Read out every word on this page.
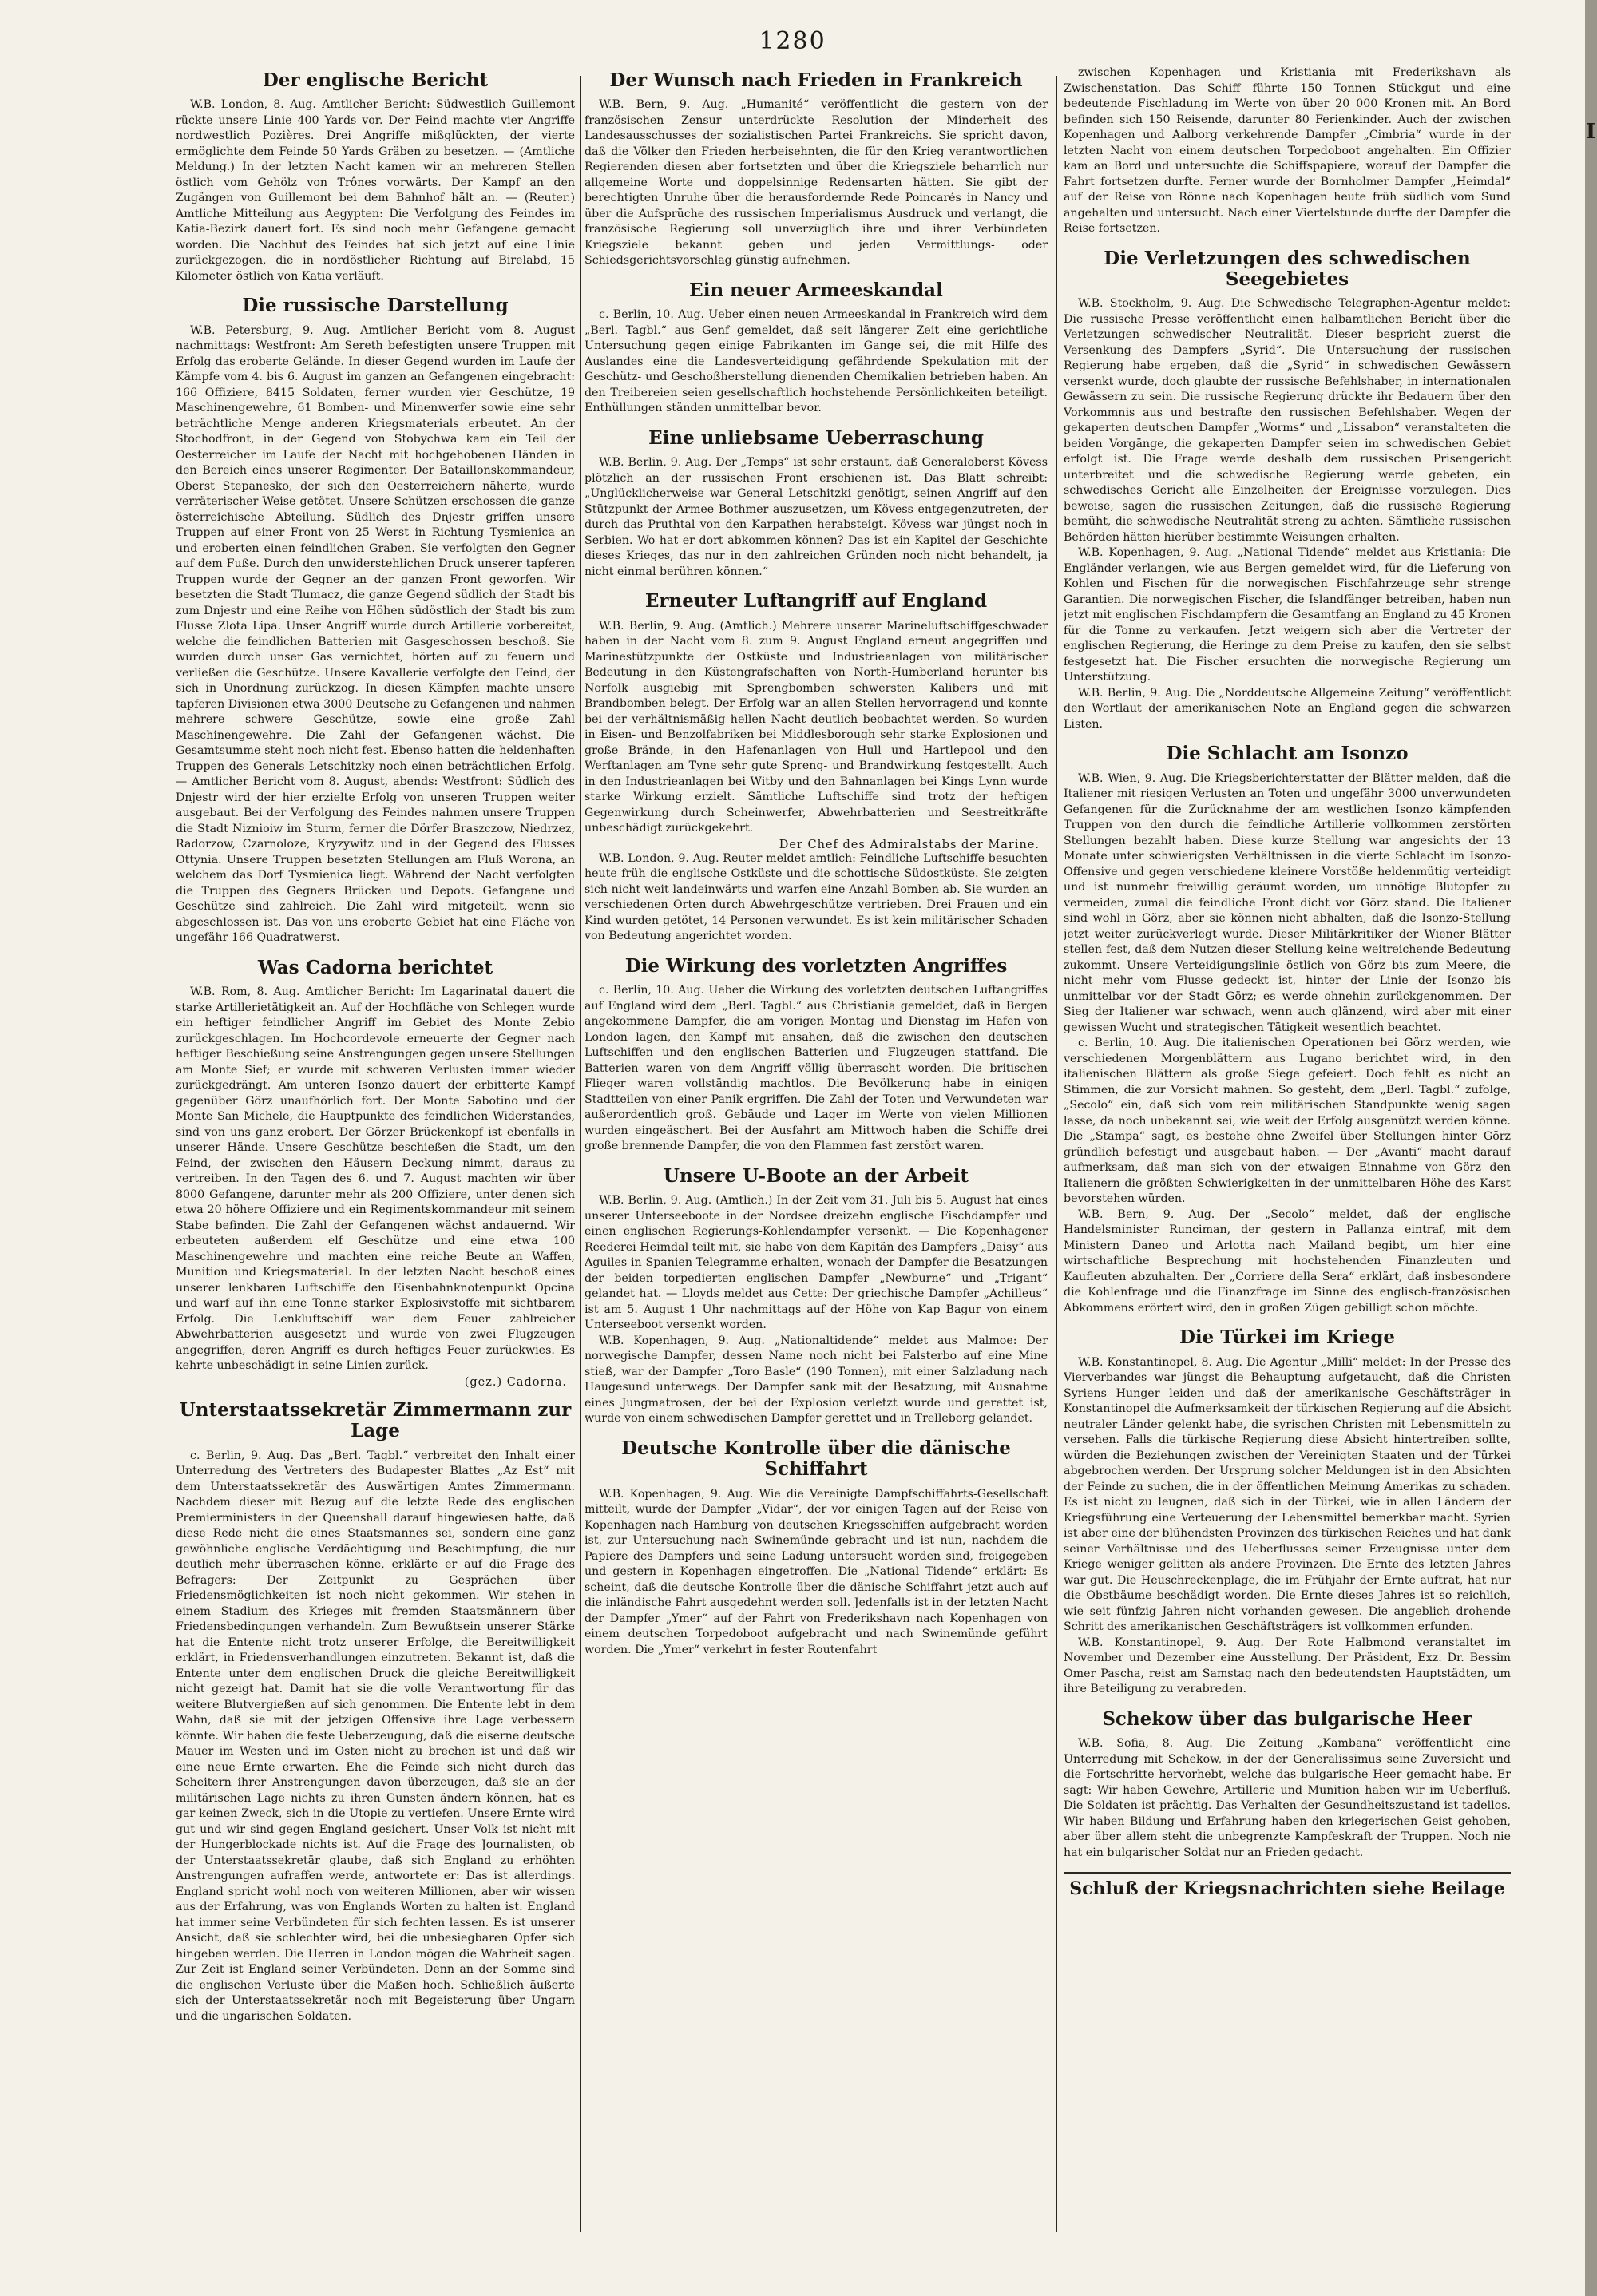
1280
Der englische Bericht

W.B. London, 8. Aug. Amtlicher Bericht: Südwestlich Guillemont rückte unsere Linie 400 Yards vor. Der Feind machte vier Angriffe nordwestlich Pozières. Drei Angriffe mißglückten, der vierte ermöglichte dem Feinde 50 Yards Gräben zu besetzen. — (Amtliche Meldung.) In der letzten Nacht kamen wir an mehreren Stellen östlich vom Gehölz von Trônes vorwärts. Der Kampf an den Zugängen von Guillemont bei dem Bahnhof hält an. — (Reuter.) Amtliche Mitteilung aus Aegypten: Die Verfolgung des Feindes im Katia-Bezirk dauert fort. Es sind noch mehr Gefangene gemacht worden. Die Nachhut des Feindes hat sich jetzt auf eine Linie zurückgezogen, die in nordöstlicher Richtung auf Birelabd, 15 Kilometer östlich von Katia verläuft.

Die russische Darstellung

W.B. Petersburg, 9. Aug. Amtlicher Bericht vom 8. August nachmittags: Westfront: Am Sereth befestigten unsere Truppen mit Erfolg das eroberte Gelände. In dieser Gegend wurden im Laufe der Kämpfe vom 4. bis 6. August im ganzen an Gefangenen eingebracht: 166 Offiziere, 8415 Soldaten, ferner wurden vier Geschütze, 19 Maschinengewehre, 61 Bomben- und Minenwerfer sowie eine sehr beträchtliche Menge anderen Kriegsmaterials erbeutet. An der Stochodfront, in der Gegend von Stobychwa kam ein Teil der Oesterreicher im Laufe der Nacht mit hochgehobenen Händen in den Bereich eines unserer Regimenter. Der Bataillonskommandeur, Oberst Stepanesko, der sich den Oesterreichern näherte, wurde verräterischer Weise getötet. Unsere Schützen erschossen die ganze österreichische Abteilung. Südlich des Dnjestr griffen unsere Truppen auf einer Front von 25 Werst in Richtung Tysmienica an und eroberten einen feindlichen Graben. Sie verfolgten den Gegner auf dem Fuße. Durch den unwiderstehlichen Druck unserer tapferen Truppen wurde der Gegner an der ganzen Front geworfen. Wir besetzten die Stadt Tlumacz, die ganze Gegend südlich der Stadt bis zum Dnjestr und eine Reihe von Höhen südöstlich der Stadt bis zum Flusse Zlota Lipa. Unser Angriff wurde durch Artillerie vorbereitet, welche die feindlichen Batterien mit Gasgeschossen beschoß. Sie wurden durch unser Gas vernichtet, hörten auf zu feuern und verließen die Geschütze. Unsere Kavallerie verfolgte den Feind, der sich in Unordnung zurückzog. In diesen Kämpfen machte unsere tapferen Divisionen etwa 3000 Deutsche zu Gefangenen und nahmen mehrere schwere Geschütze, sowie eine große Zahl Maschinengewehre. Die Zahl der Gefangenen wächst. Die Gesamtsumme steht noch nicht fest. Ebenso hatten die heldenhaften Truppen des Generals Letschitzky noch einen beträchtlichen Erfolg. — Amtlicher Bericht vom 8. August, abends: Westfront: Südlich des Dnjestr wird der hier erzielte Erfolg von unseren Truppen weiter ausgebaut. Bei der Verfolgung des Feindes nahmen unsere Truppen die Stadt Niznioiw im Sturm, ferner die Dörfer Braszczow, Niedrzez, Radorzow, Czarnoloze, Kryzywitz und in der Gegend des Flusses Ottynia. Unsere Truppen besetzten Stellungen am Fluß Worona, an welchem das Dorf Tysmienica liegt. Während der Nacht verfolgten die Truppen des Gegners Brücken und Depots. Gefangene und Geschütze sind zahlreich. Die Zahl wird mitgeteilt, wenn sie abgeschlossen ist. Das von uns eroberte Gebiet hat eine Fläche von ungefähr 166 Quadratwerst.

Was Cadorna berichtet

W.B. Rom, 8. Aug. Amtlicher Bericht: Im Lagarinatal dauert die starke Artillerietätigkeit an. Auf der Hochfläche von Schlegen wurde ein heftiger feindlicher Angriff im Gebiet des Monte Zebio zurückgeschlagen. Im Hochcordevole erneuerte der Gegner nach heftiger Beschießung seine Anstrengungen gegen unsere Stellungen am Monte Sief; er wurde mit schweren Verlusten immer wieder zurückgedrängt. Am unteren Isonzo dauert der erbitterte Kampf gegenüber Görz unaufhörlich fort. Der Monte Sabotino und der Monte San Michele, die Hauptpunkte des feindlichen Widerstandes, sind von uns ganz erobert. Der Görzer Brückenkopf ist ebenfalls in unserer Hände. Unsere Geschütze beschießen die Stadt, um den Feind, der zwischen den Häusern Deckung nimmt, daraus zu vertreiben. In den Tagen des 6. und 7. August machten wir über 8000 Gefangene, darunter mehr als 200 Offiziere, unter denen sich etwa 20 höhere Offiziere und ein Regimentskommandeur mit seinem Stabe befinden. Die Zahl der Gefangenen wächst andauernd. Wir erbeuteten außerdem elf Geschütze und eine etwa 100 Maschinengewehre und machten eine reiche Beute an Waffen, Munition und Kriegsmaterial. In der letzten Nacht beschoß eines unserer lenkbaren Luftschiffe den Eisenbahnknotenpunkt Opcina und warf auf ihn eine Tonne starker Explosivstoffe mit sichtbarem Erfolg. Die Lenkluftschiff war dem Feuer zahlreicher Abwehrbatterien ausgesetzt und wurde von zwei Flugzeugen angegriffen, deren Angriff es durch heftiges Feuer zurückwies. Es kehrte unbeschädigt in seine Linien zurück.

(gez.) Cadorna.

Unterstaatssekretär Zimmermann zur Lage

c. Berlin, 9. Aug. Das „Berl. Tagbl.“ verbreitet den Inhalt einer Unterredung des Vertreters des Budapester Blattes „Az Est“ mit dem Unterstaatssekretär des Auswärtigen Amtes Zimmermann. Nachdem dieser mit Bezug auf die letzte Rede des englischen Premierministers in der Queenshall darauf hingewiesen hatte, daß diese Rede nicht die eines Staatsmannes sei, sondern eine ganz gewöhnliche englische Verdächtigung und Beschimpfung, die nur deutlich mehr überraschen könne, erklärte er auf die Frage des Befragers: Der Zeitpunkt zu Gesprächen über Friedensmöglichkeiten ist noch nicht gekommen. Wir stehen in einem Stadium des Krieges mit fremden Staatsmännern über Friedensbedingungen verhandeln. Zum Bewußtsein unserer Stärke hat die Entente nicht trotz unserer Erfolge, die Bereitwilligkeit erklärt, in Friedensverhandlungen einzutreten. Bekannt ist, daß die Entente unter dem englischen Druck die gleiche Bereitwilligkeit nicht gezeigt hat. Damit hat sie die volle Verantwortung für das weitere Blutvergießen auf sich genommen. Die Entente lebt in dem Wahn, daß sie mit der jetzigen Offensive ihre Lage verbessern könnte. Wir haben die feste Ueberzeugung, daß die eiserne deutsche Mauer im Westen und im Osten nicht zu brechen ist und daß wir eine neue Ernte erwarten. Ehe die Feinde sich nicht durch das Scheitern ihrer Anstrengungen davon überzeugen, daß sie an der militärischen Lage nichts zu ihren Gunsten ändern können, hat es gar keinen Zweck, sich in die Utopie zu vertiefen. Unsere Ernte wird gut und wir sind gegen England gesichert. Unser Volk ist nicht mit der Hungerblockade nichts ist. Auf die Frage des Journalisten, ob der Unterstaatssekretär glaube, daß sich England zu erhöhten Anstrengungen aufraffen werde, antwortete er: Das ist allerdings. England spricht wohl noch von weiteren Millionen, aber wir wissen aus der Erfahrung, was von Englands Worten zu halten ist. England hat immer seine Verbündeten für sich fechten lassen. Es ist unserer Ansicht, daß sie schlechter wird, bei die unbesiegbaren Opfer sich hingeben werden. Die Herren in London mögen die Wahrheit sagen. Zur Zeit ist England seiner Verbündeten. Denn an der Somme sind die englischen Verluste über die Maßen hoch. Schließlich äußerte sich der Unterstaatssekretär noch mit Begeisterung über Ungarn und die ungarischen Soldaten.

Der Wunsch nach Frieden in Frankreich

W.B. Bern, 9. Aug. „Humanité“ veröffentlicht die gestern von der französischen Zensur unterdrückte Resolution der Minderheit des Landesausschusses der sozialistischen Partei Frankreichs. Sie spricht davon, daß die Völker den Frieden herbeisehnten, die für den Krieg verantwortlichen Regierenden diesen aber fortsetzten und über die Kriegsziele beharrlich nur allgemeine Worte und doppelsinnige Redensarten hätten. Sie gibt der berechtigten Unruhe über die herausfordernde Rede Poincarés in Nancy und über die Aufsprüche des russischen Imperialismus Ausdruck und verlangt, die französische Regierung soll unverzüglich ihre und ihrer Verbündeten Kriegsziele bekannt geben und jeden Vermittlungs- oder Schiedsgerichtsvorschlag günstig aufnehmen.

Ein neuer Armeeskandal

c. Berlin, 10. Aug. Ueber einen neuen Armeeskandal in Frankreich wird dem „Berl. Tagbl.“ aus Genf gemeldet, daß seit längerer Zeit eine gerichtliche Untersuchung gegen einige Fabrikanten im Gange sei, die mit Hilfe des Auslandes eine die Landesverteidigung gefährdende Spekulation mit der Geschütz- und Geschoßherstellung dienenden Chemikalien betrieben haben. An den Treibereien seien gesellschaftlich hochstehende Persönlichkeiten beteiligt. Enthüllungen ständen unmittelbar bevor.

Eine unliebsame Ueberraschung

W.B. Berlin, 9. Aug. Der „Temps“ ist sehr erstaunt, daß Generaloberst Kövess plötzlich an der russischen Front erschienen ist. Das Blatt schreibt: „Unglücklicherweise war General Letschitzki genötigt, seinen Angriff auf den Stützpunkt der Armee Bothmer auszusetzen, um Kövess entgegenzutreten, der durch das Pruthtal von den Karpathen herabsteigt. Kövess war jüngst noch in Serbien. Wo hat er dort abkommen können? Das ist ein Kapitel der Geschichte dieses Krieges, das nur in den zahlreichen Gründen noch nicht behandelt, ja nicht einmal berühren können.“

Erneuter Luftangriff auf England

W.B. Berlin, 9. Aug. (Amtlich.) Mehrere unserer Marineluftschiffgeschwader haben in der Nacht vom 8. zum 9. August England erneut angegriffen und Marinestützpunkte der Ostküste und Industrieanlagen von militärischer Bedeutung in den Küstengrafschaften von North-Humberland herunter bis Norfolk ausgiebig mit Sprengbomben schwersten Kalibers und mit Brandbomben belegt. Der Erfolg war an allen Stellen hervorragend und konnte bei der verhältnismäßig hellen Nacht deutlich beobachtet werden. So wurden in Eisen- und Benzolfabriken bei Middlesborough sehr starke Explosionen und große Brände, in den Hafenanlagen von Hull und Hartlepool und den Werftanlagen am Tyne sehr gute Spreng- und Brandwirkung festgestellt. Auch in den Industrieanlagen bei Witby und den Bahnanlagen bei Kings Lynn wurde starke Wirkung erzielt. Sämtliche Luftschiffe sind trotz der heftigen Gegenwirkung durch Scheinwerfer, Abwehrbatterien und Seestreitkräfte unbeschädigt zurückgekehrt.

Der Chef des Admiralstabs der Marine.

W.B. London, 9. Aug. Reuter meldet amtlich: Feindliche Luftschiffe besuchten heute früh die englische Ostküste und die schottische Südostküste. Sie zeigten sich nicht weit landeinwärts und warfen eine Anzahl Bomben ab. Sie wurden an verschiedenen Orten durch Abwehrgeschütze vertrieben. Drei Frauen und ein Kind wurden getötet, 14 Personen verwundet. Es ist kein militärischer Schaden von Bedeutung angerichtet worden.

Die Wirkung des vorletzten Angriffes

c. Berlin, 10. Aug. Ueber die Wirkung des vorletzten deutschen Luftangriffes auf England wird dem „Berl. Tagbl.“ aus Christiania gemeldet, daß in Bergen angekommene Dampfer, die am vorigen Montag und Dienstag im Hafen von London lagen, den Kampf mit ansahen, daß die zwischen den deutschen Luftschiffen und den englischen Batterien und Flugzeugen stattfand. Die Batterien waren von dem Angriff völlig überrascht worden. Die britischen Flieger waren vollständig machtlos. Die Bevölkerung habe in einigen Stadtteilen von einer Panik ergriffen. Die Zahl der Toten und Verwundeten war außerordentlich groß. Gebäude und Lager im Werte von vielen Millionen wurden eingeäschert. Bei der Ausfahrt am Mittwoch haben die Schiffe drei große brennende Dampfer, die von den Flammen fast zerstört waren.

Unsere U-Boote an der Arbeit

W.B. Berlin, 9. Aug. (Amtlich.) In der Zeit vom 31. Juli bis 5. August hat eines unserer Unterseeboote in der Nordsee dreizehn englische Fischdampfer und einen englischen Regierungs-Kohlendampfer versenkt. — Die Kopenhagener Reederei Heimdal teilt mit, sie habe von dem Kapitän des Dampfers „Daisy“ aus Aguiles in Spanien Telegramme erhalten, wonach der Dampfer die Besatzungen der beiden torpedierten englischen Dampfer „Newburne“ und „Trigant“ gelandet hat. — Lloyds meldet aus Cette: Der griechische Dampfer „Achilleus“ ist am 5. August 1 Uhr nachmittags auf der Höhe von Kap Bagur von einem Unterseeboot versenkt worden.

W.B. Kopenhagen, 9. Aug. „Nationaltidende“ meldet aus Malmoe: Der norwegische Dampfer, dessen Name noch nicht bei Falsterbo auf eine Mine stieß, war der Dampfer „Toro Basle“ (190 Tonnen), mit einer Salzladung nach Haugesund unterwegs. Der Dampfer sank mit der Besatzung, mit Ausnahme eines Jungmatrosen, der bei der Explosion verletzt wurde und gerettet ist, wurde von einem schwedischen Dampfer gerettet und in Trelleborg gelandet.

Deutsche Kontrolle über die dänische Schiffahrt

W.B. Kopenhagen, 9. Aug. Wie die Vereinigte Dampfschiffahrts-Gesellschaft mitteilt, wurde der Dampfer „Vidar“, der vor einigen Tagen auf der Reise von Kopenhagen nach Hamburg von deutschen Kriegsschiffen aufgebracht worden ist, zur Untersuchung nach Swinemünde gebracht und ist nun, nachdem die Papiere des Dampfers und seine Ladung untersucht worden sind, freigegeben und gestern in Kopenhagen eingetroffen. Die „National Tidende“ erklärt: Es scheint, daß die deutsche Kontrolle über die dänische Schiffahrt jetzt auch auf die inländische Fahrt ausgedehnt werden soll. Jedenfalls ist in der letzten Nacht der Dampfer „Ymer“ auf der Fahrt von Frederikshavn nach Kopenhagen von einem deutschen Torpedoboot aufgebracht und nach Swinemünde geführt worden. Die „Ymer“ verkehrt in fester Routenfahrt

zwischen Kopenhagen und Kristiania mit Frederikshavn als Zwischenstation. Das Schiff führte 150 Tonnen Stückgut und eine bedeutende Fischladung im Werte von über 20 000 Kronen mit. An Bord befinden sich 150 Reisende, darunter 80 Ferienkinder. Auch der zwischen Kopenhagen und Aalborg verkehrende Dampfer „Cimbria“ wurde in der letzten Nacht von einem deutschen Torpedoboot angehalten. Ein Offizier kam an Bord und untersuchte die Schiffspapiere, worauf der Dampfer die Fahrt fortsetzen durfte. Ferner wurde der Bornholmer Dampfer „Heimdal“ auf der Reise von Rönne nach Kopenhagen heute früh südlich vom Sund angehalten und untersucht. Nach einer Viertelstunde durfte der Dampfer die Reise fortsetzen.

Die Verletzungen des schwedischen Seegebietes

W.B. Stockholm, 9. Aug. Die Schwedische Telegraphen-Agentur meldet: Die russische Presse veröffentlicht einen halbamtlichen Bericht über die Verletzungen schwedischer Neutralität. Dieser bespricht zuerst die Versenkung des Dampfers „Syrid“. Die Untersuchung der russischen Regierung habe ergeben, daß die „Syrid“ in schwedischen Gewässern versenkt wurde, doch glaubte der russische Befehlshaber, in internationalen Gewässern zu sein. Die russische Regierung drückte ihr Bedauern über den Vorkommnis aus und bestrafte den russischen Befehlshaber. Wegen der gekaperten deutschen Dampfer „Worms“ und „Lissabon“ veranstalteten die beiden Vorgänge, die gekaperten Dampfer seien im schwedischen Gebiet erfolgt ist. Die Frage werde deshalb dem russischen Prisengericht unterbreitet und die schwedische Regierung werde gebeten, ein schwedisches Gericht alle Einzelheiten der Ereignisse vorzulegen. Dies beweise, sagen die russischen Zeitungen, daß die russische Regierung bemüht, die schwedische Neutralität streng zu achten. Sämtliche russischen Behörden hätten hierüber bestimmte Weisungen erhalten.

W.B. Kopenhagen, 9. Aug. „National Tidende“ meldet aus Kristiania: Die Engländer verlangen, wie aus Bergen gemeldet wird, für die Lieferung von Kohlen und Fischen für die norwegischen Fischfahrzeuge sehr strenge Garantien. Die norwegischen Fischer, die Islandfänger betreiben, haben nun jetzt mit englischen Fischdampfern die Gesamtfang an England zu 45 Kronen für die Tonne zu verkaufen. Jetzt weigern sich aber die Vertreter der englischen Regierung, die Heringe zu dem Preise zu kaufen, den sie selbst festgesetzt hat. Die Fischer ersuchten die norwegische Regierung um Unterstützung.

W.B. Berlin, 9. Aug. Die „Norddeutsche Allgemeine Zeitung“ veröffentlicht den Wortlaut der amerikanischen Note an England gegen die schwarzen Listen.

Die Schlacht am Isonzo

W.B. Wien, 9. Aug. Die Kriegsberichterstatter der Blätter melden, daß die Italiener mit riesigen Verlusten an Toten und ungefähr 3000 unverwundeten Gefangenen für die Zurücknahme der am westlichen Isonzo kämpfenden Truppen von den durch die feindliche Artillerie vollkommen zerstörten Stellungen bezahlt haben. Diese kurze Stellung war angesichts der 13 Monate unter schwierigsten Verhältnissen in die vierte Schlacht im Isonzo-Offensive und gegen verschiedene kleinere Vorstöße heldenmütig verteidigt und ist nunmehr freiwillig geräumt worden, um unnötige Blutopfer zu vermeiden, zumal die feindliche Front dicht vor Görz stand. Die Italiener sind wohl in Görz, aber sie können nicht abhalten, daß die Isonzo-Stellung jetzt weiter zurückverlegt wurde. Dieser Militärkritiker der Wiener Blätter stellen fest, daß dem Nutzen dieser Stellung keine weitreichende Bedeutung zukommt. Unsere Verteidigungslinie östlich von Görz bis zum Meere, die nicht mehr vom Flusse gedeckt ist, hinter der Linie der Isonzo bis unmittelbar vor der Stadt Görz; es werde ohnehin zurückgenommen. Der Sieg der Italiener war schwach, wenn auch glänzend, wird aber mit einer gewissen Wucht und strategischen Tätigkeit wesentlich beachtet.

c. Berlin, 10. Aug. Die italienischen Operationen bei Görz werden, wie verschiedenen Morgenblättern aus Lugano berichtet wird, in den italienischen Blättern als große Siege gefeiert. Doch fehlt es nicht an Stimmen, die zur Vorsicht mahnen. So gesteht, dem „Berl. Tagbl.“ zufolge, „Secolo“ ein, daß sich vom rein militärischen Standpunkte wenig sagen lasse, da noch unbekannt sei, wie weit der Erfolg ausgenützt werden könne. Die „Stampa“ sagt, es bestehe ohne Zweifel über Stellungen hinter Görz gründlich befestigt und ausgebaut haben. — Der „Avanti“ macht darauf aufmerksam, daß man sich von der etwaigen Einnahme von Görz den Italienern die größten Schwierigkeiten in der unmittelbaren Höhe des Karst bevorstehen würden.

W.B. Bern, 9. Aug. Der „Secolo“ meldet, daß der englische Handelsminister Runciman, der gestern in Pallanza eintraf, mit dem Ministern Daneo und Arlotta nach Mailand begibt, um hier eine wirtschaftliche Besprechung mit hochstehenden Finanzleuten und Kaufleuten abzuhalten. Der „Corriere della Sera“ erklärt, daß insbesondere die Kohlenfrage und die Finanzfrage im Sinne des englisch-französischen Abkommens erörtert wird, den in großen Zügen gebilligt schon möchte.

Die Türkei im Kriege

W.B. Konstantinopel, 8. Aug. Die Agentur „Milli“ meldet: In der Presse des Vierverbandes war jüngst die Behauptung aufgetaucht, daß die Christen Syriens Hunger leiden und daß der amerikanische Geschäftsträger in Konstantinopel die Aufmerksamkeit der türkischen Regierung auf die Absicht neutraler Länder gelenkt habe, die syrischen Christen mit Lebensmitteln zu versehen. Falls die türkische Regierung diese Absicht hintertreiben sollte, würden die Beziehungen zwischen der Vereinigten Staaten und der Türkei abgebrochen werden. Der Ursprung solcher Meldungen ist in den Absichten der Feinde zu suchen, die in der öffentlichen Meinung Amerikas zu schaden. Es ist nicht zu leugnen, daß sich in der Türkei, wie in allen Ländern der Kriegsführung eine Verteuerung der Lebensmittel bemerkbar macht. Syrien ist aber eine der blühendsten Provinzen des türkischen Reiches und hat dank seiner Verhältnisse und des Ueberflusses seiner Erzeugnisse unter dem Kriege weniger gelitten als andere Provinzen. Die Ernte des letzten Jahres war gut. Die Heuschreckenplage, die im Frühjahr der Ernte auftrat, hat nur die Obstbäume beschädigt worden. Die Ernte dieses Jahres ist so reichlich, wie seit fünfzig Jahren nicht vorhanden gewesen. Die angeblich drohende Schritt des amerikanischen Geschäftsträgers ist vollkommen erfunden.

W.B. Konstantinopel, 9. Aug. Der Rote Halbmond veranstaltet im November und Dezember eine Ausstellung. Der Präsident, Exz. Dr. Bessim Omer Pascha, reist am Samstag nach den bedeutendsten Hauptstädten, um ihre Beteiligung zu verabreden.

Schekow über das bulgarische Heer

W.B. Sofia, 8. Aug. Die Zeitung „Kambana“ veröffentlicht eine Unterredung mit Schekow, in der der Generalissimus seine Zuversicht und die Fortschritte hervorhebt, welche das bulgarische Heer gemacht habe. Er sagt: Wir haben Gewehre, Artillerie und Munition haben wir im Ueberfluß. Die Soldaten ist prächtig. Das Verhalten der Gesundheitszustand ist tadellos. Wir haben Bildung und Erfahrung haben den kriegerischen Geist gehoben, aber über allem steht die unbegrenzte Kampfeskraft der Truppen. Noch nie hat ein bulgarischer Soldat nur an Frieden gedacht.

Schluß der Kriegsnachrichten siehe Beilage
I
